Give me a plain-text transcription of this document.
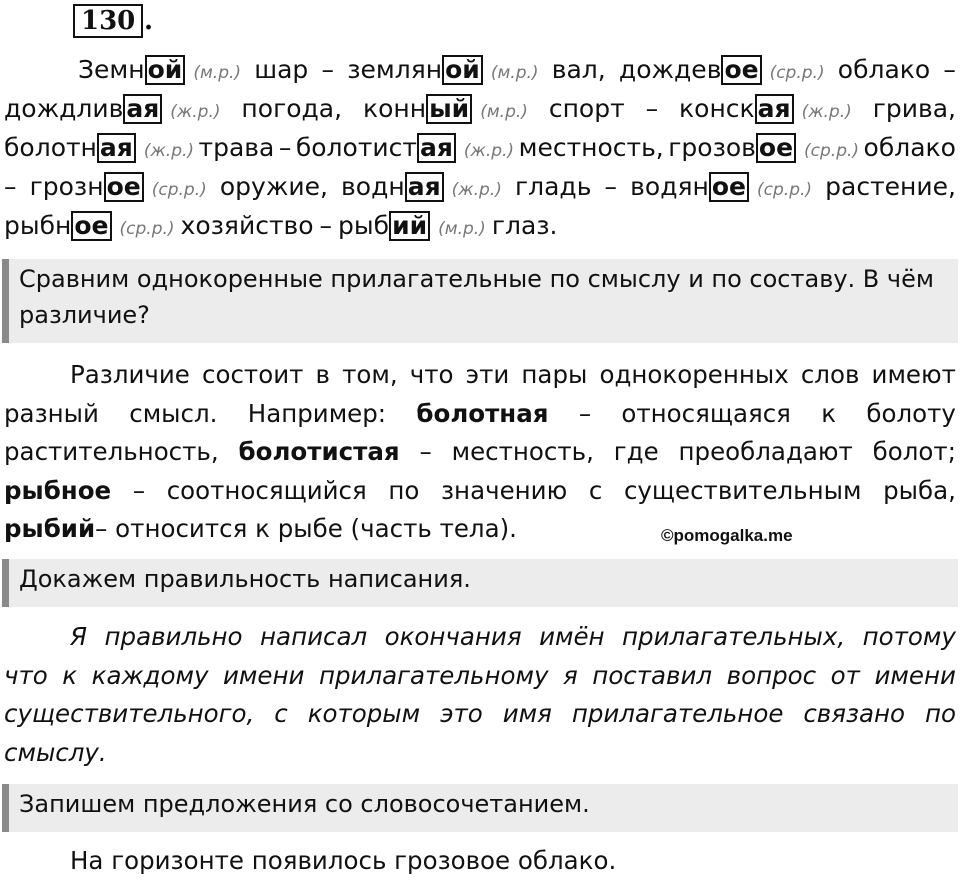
130 .
Земн ой (м.р.) шар – землян ой (м.р.) вал, дождев ое (ср.р.) облако –
дождлив ая (ж.р.) погода, конн ый (м.р.) спорт – конск ая (ж.р.) грива,
болотн ая (ж.р.) трава – болотист ая (ж.р.) местность, грозов ое (ср.р.) облако
– грозн ое (ср.р.) оружие, водн ая (ж.р.) гладь – водян ое (ср.р.) растение,
рыбн ое (ср.р.) хозяйство – рыб ий (м.р.) глаз.
Сравним однокоренные прилагательные по смыслу и по составу. В чём различие?
Различие состоит в том, что эти пары однокоренных слов имеют
разный смысл. Например: болотная – относящаяся к болоту
растительность, болотистая – местность, где преобладают болот;
рыбное – соотносящийся по значению с существительным рыба,
рыбий – относится к рыбе (часть тела).	©pomogalka.me
Докажем правильность написания.
Я правильно написал окончания имён прилагательных, потому
что к каждому имени прилагательному я поставил вопрос от имени
существительного, с которым это имя прилагательное связано по
смыслу.
Запишем предложения со словосочетанием.
На горизонте появилось грозовое облако.
